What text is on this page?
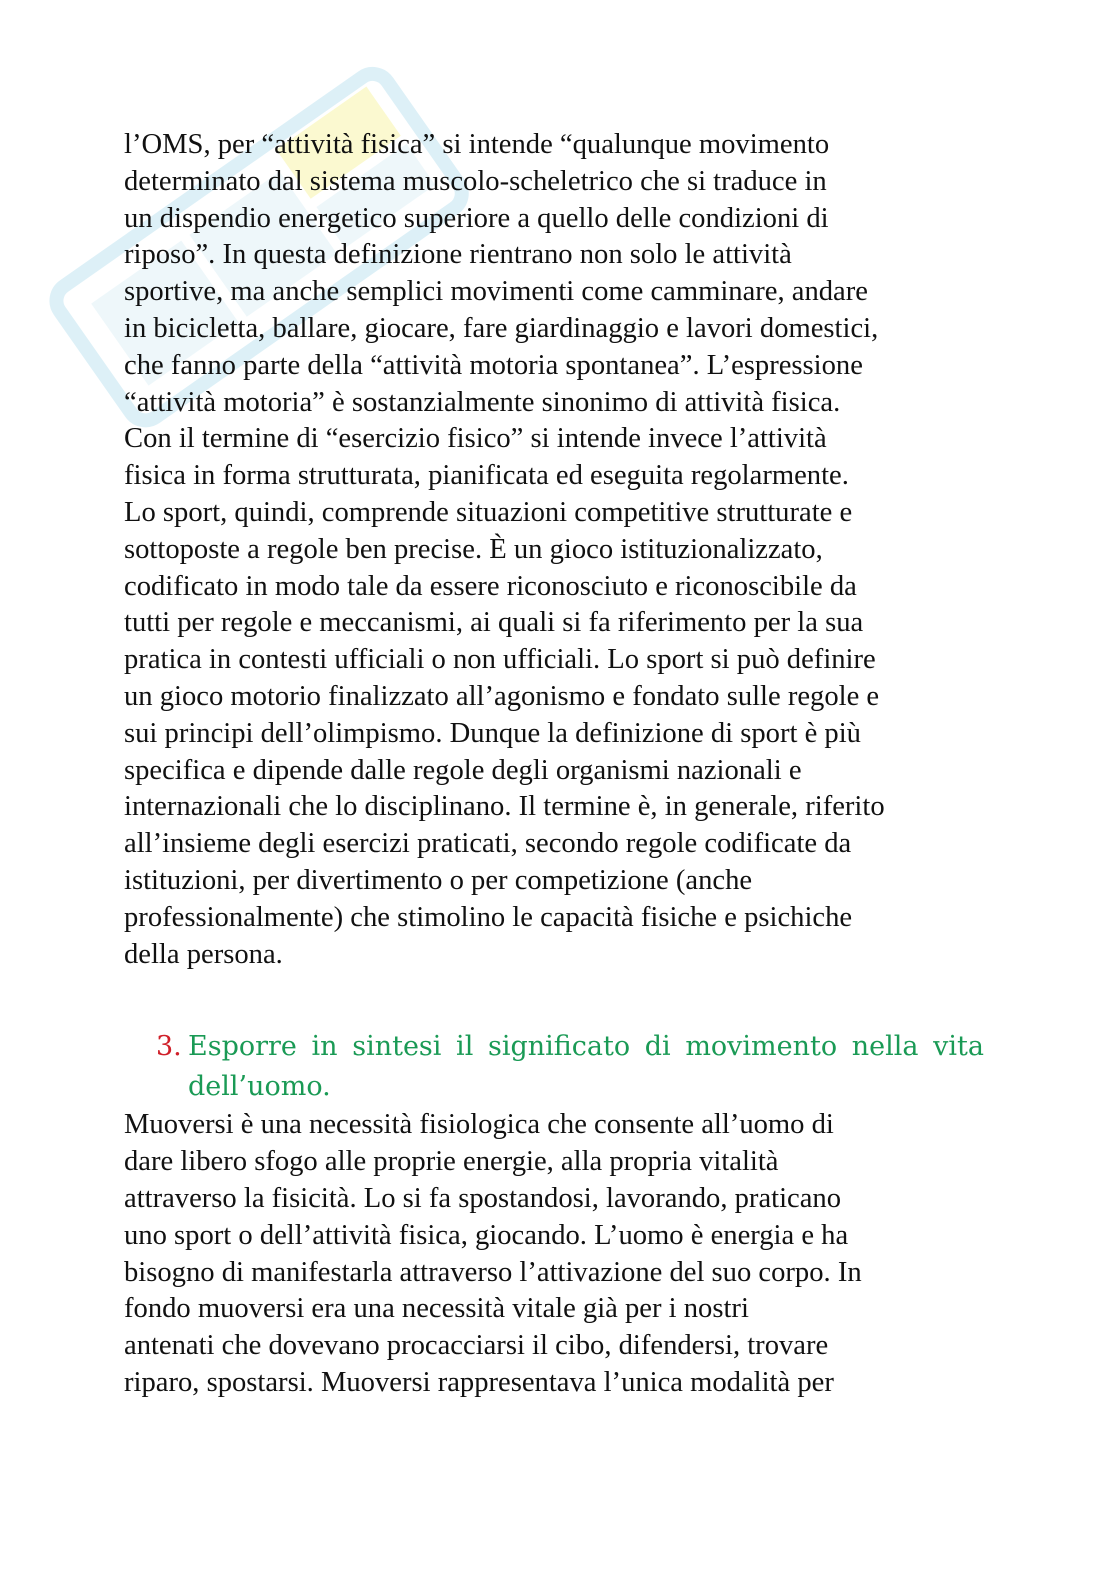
l’OMS, per “attività fisica” si intende “qualunque movimento
determinato dal sistema muscolo-scheletrico che si traduce in
un dispendio energetico superiore a quello delle condizioni di
riposo”. In questa definizione rientrano non solo le attività
sportive, ma anche semplici movimenti come camminare, andare
in bicicletta, ballare, giocare, fare giardinaggio e lavori domestici,
che fanno parte della “attività motoria spontanea”. L’espressione
“attività motoria” è sostanzialmente sinonimo di attività fisica.
Con il termine di “esercizio fisico” si intende invece l’attività
fisica in forma strutturata, pianificata ed eseguita regolarmente.
Lo sport, quindi, comprende situazioni competitive strutturate e
sottoposte a regole ben precise. È un gioco istituzionalizzato,
codificato in modo tale da essere riconosciuto e riconoscibile da
tutti per regole e meccanismi, ai quali si fa riferimento per la sua
pratica in contesti ufficiali o non ufficiali. Lo sport si può definire
un gioco motorio finalizzato all’agonismo e fondato sulle regole e
sui principi dell’olimpismo. Dunque la definizione di sport è più
specifica e dipende dalle regole degli organismi nazionali e
internazionali che lo disciplinano. Il termine è, in generale, riferito
all’insieme degli esercizi praticati, secondo regole codificate da
istituzioni, per divertimento o per competizione (anche
professionalmente) che stimolino le capacità fisiche e psichiche
della persona.
3. Esporre in sintesi il significato di movimento nella vita
dell’uomo.
Muoversi è una necessità fisiologica che consente all’uomo di
dare libero sfogo alle proprie energie, alla propria vitalità
attraverso la fisicità. Lo si fa spostandosi, lavorando, praticano
uno sport o dell’attività fisica, giocando. L’uomo è energia e ha
bisogno di manifestarla attraverso l’attivazione del suo corpo. In
fondo muoversi era una necessità vitale già per i nostri
antenati che dovevano procacciarsi il cibo, difendersi, trovare
riparo, spostarsi. Muoversi rappresentava l’unica modalità per
